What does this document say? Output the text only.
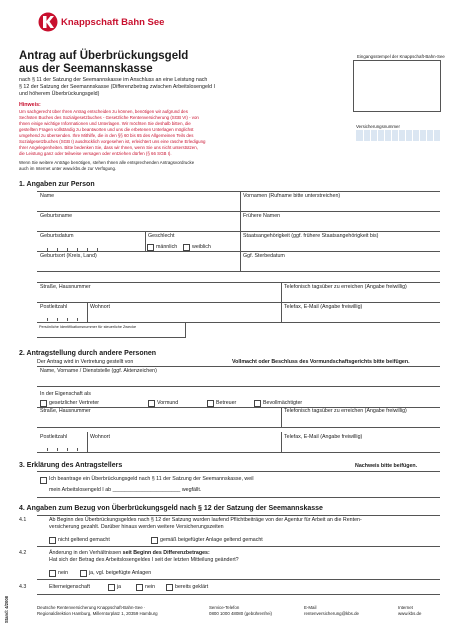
Knappschaft Bahn See
Antrag auf Überbrückungsgeld
aus der Seemannskasse
nach § 11 der Satzung der Seemannskasse im Anschluss an eine Leistung nach
§ 12 der Satzung der Seemannskasse (Differenzbetrag zwischen Arbeitslosengeld I
und höherem Überbrückungsgeld)
Eingangsstempel der Knappschaft-Bahn-See
Versicherungsnummer
Hinweis:
Um sachgerecht über Ihren Antrag entscheiden zu können, benötigen wir aufgrund des
Sechsten Buches des Sozialgesetzbuches - Gesetzliche Rentenversicherung (SGB VI) - von
Ihnen einige wichtige Informationen und Unterlagen. Wir möchten Sie deshalb bitten, die
gestellten Fragen vollständig zu beantworten und uns die erbetenen Unterlagen möglichst
umgehend zu übersenden. Ihre Mithilfe, die in den §§ 60 bis 65 des Allgemeinen Teils des
Sozialgesetzbuches (SGB I) ausdrücklich vorgesehen ist, erleichtert uns eine rasche Erledigung
Ihrer Angelegenheiten. Bitte bedenken Sie, dass wir Ihnen, wenn Sie uns nicht unterstützen,
die Leistung ganz oder teilweise versagen oder entziehen dürfen (§ 66 SGB I).
Wenn Sie weitere Anträge benötigen, stehen Ihnen alle entsprechenden Antragsvordrucke
auch im Internet unter www.kbs.de zur Verfügung.
1. Angaben zur Person
Name	Vornamen (Rufname bitte unterstreichen)
Geburtsname	Frühere Namen
Geburtsdatum	Geschlecht	Staatsangehörigkeit (ggf. frühere Staatsangehörigkeit bis)
männlich	weiblich
Geburtsort (Kreis, Land)	Ggf. Sterbedatum
Straße, Hausnummer	Telefonisch tagsüber zu erreichen (Angabe freiwillig)
Postleitzahl	Wohnort	Telefax, E-Mail (Angabe freiwillig)
Persönliche Identifikationsnummer für steuerliche Zwecke
2. Antragstellung durch andere Personen
Der Antrag wird in Vertretung gestellt von	Vollmacht oder Beschluss des Vormundschaftsgerichts bitte beifügen.
Name, Vorname / Dienststelle (ggf. Aktenzeichen)
In der Eigenschaft als
gesetzlicher Vertreter	Vormund	Betreuer	Bevollmächtigter
Straße, Hausnummer	Telefonisch tagsüber zu erreichen (Angabe freiwillig)
Postleitzahl	Wohnort	Telefax, E-Mail (Angabe freiwillig)
3. Erklärung des Antragstellers	Nachweis bitte beifügen.
Ich beantrage ein Überbrückungsgeld nach § 11 der Satzung der Seemannskasse, weil
mein Arbeitslosengeld I ab _______________________ wegfällt.
4. Angaben zum Bezug von Überbrückungsgeld nach § 12 der Satzung der Seemannskasse
4.1	Ab Beginn des Überbrückungsgeldes nach § 12 der Satzung wurden laufend Pflichtbeiträge von der Agentur für Arbeit an die Renten-
versicherung gezahlt. Darüber hinaus werden weitere Versicherungszeiten
nicht geltend gemacht	gemäß beigefügter Anlage geltend gemacht
4.2	Änderung in den Verhältnissen seit Beginn des Differenzbetrages:
Hat sich der Betrag des Arbeitslosengeldes I seit der letzten Mitteilung geändert?
nein	ja, vgl. beigefügte Anlagen
4.3	Elterneigenschaft	ja	nein	bereits geklärt
Stand: 4/2008	Deutsche Rentenversicherung Knappschaft-Bahn-See ·
Regionaldirektion Hamburg, Millerntorplatz 1, 20359 Hamburg
Service-Telefon
0800 1000 48080 (gebührenfrei)
E-Mail
rentenversicherung@kbs.de
Internet
www.kbs.de
